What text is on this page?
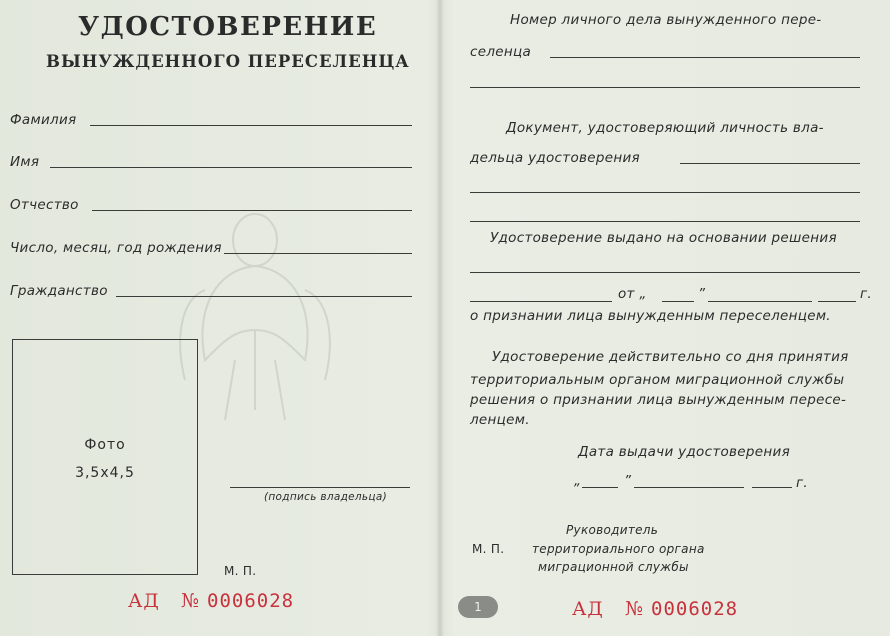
УДОСТОВЕРЕНИЕ
ВЫНУЖДЕННОГО ПЕРЕСЕЛЕНЦА
Фамилия
Имя
Отчество
Число, месяц, год рождения
Гражданство
Фото
3,5х4,5
(подпись владельца)
М. П.
АД № 0006028
Номер личного дела вынужденного пере-
селенца
Документ, удостоверяющий личность вла-
дельца удостоверения
Удостоверение выдано на основании решения
от „	”	г.
о признании лица вынужденным переселенцем.
Удостоверение действительно со дня принятия
территориальным органом миграционной службы
решения о признании лица вынужденным пересе-
ленцем.
Дата выдачи удостоверения
„	”	г.
Руководитель
М. П. территориального органа
миграционной службы
1	АД № 0006028
